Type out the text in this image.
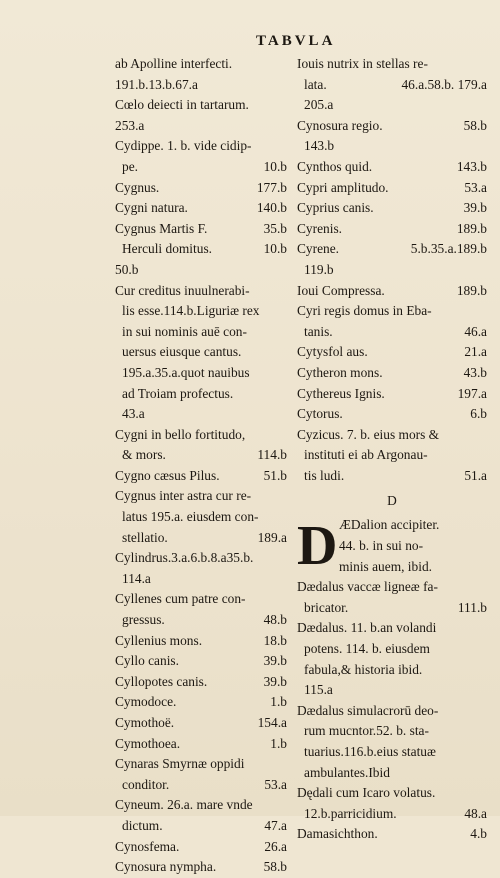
TABVLA
ab Apolline interfecti.
191.b.13.b.67.a
Cœlo deiecti in tartarum.
253.a
Cydippe. 1. b. vide cidip-
pe.	10.b
Cygnus.	177.b
Cygni natura.	140.b
Cygnus Martis F.	35.b
Herculi domitus.	10.b
50.b
Cur creditus inuulnerabi-
lis esse.114.b.Liguriæ rex
in sui nominis auē con-
uersus eiusque cantus.
195.a.35.a.quot nauibus
ad Troiam profectus.
43.a
Cygni in bello fortitudo,
& mors.	114.b
Cygno cæsus Pilus.	51.b
Cygnus inter astra cur re-
latus 195.a. eiusdem con-
stellatio.	189.a
Cylindrus.3.a.6.b.8.a35.b.
114.a
Cyllenes cum patre con-
gressus.	48.b
Cyllenius mons.	18.b
Cyllo canis.	39.b
Cyllopotes canis.	39.b
Cymodoce.	1.b
Cymothoë.	154.a
Cymothoea.	1.b
Cynaras Smyrnæ oppidi
conditor.	53.a
Cyneum. 26.a. mare vnde
dictum.	47.a
Cynosfema.	26.a
Cynosura nympha.	58.b
Iouis nutrix in stellas re-
lata.	46.a.58.b. 179.a
205.a
Cynosura regio.	58.b
143.b
Cynthos quid.	143.b
Cypri amplitudo.	53.a
Cyprius canis.	39.b
Cyrenis.	189.b
Cyrene.	5.b.35.a.189.b
119.b
Ioui Compressa.	189.b
Cyri regis domus in Eba-
tanis.	46.a
Cytysfol aus.	21.a
Cytheron mons.	43.b
Cythereus Ignis.	197.a
Cytorus.	6.b
Cyzicus. 7. b. eius mors &
instituti ei ab Argonau-
tis ludi.	51.a
D
D ÆDalion accipiter.
44. b. in sui no-
minis auem, ibid.
Dædalus vaccæ ligneæ fa-
bricator.	111.b
Dædalus. 11. b.an volandi
potens. 114. b. eiusdem
fabula,& historia ibid.
115.a
Dædalus simulacrorū deo-
rum mucntor.52. b. sta-
tuarius.116.b.eius statuæ
ambulantes.Ibid
Dędali cum Icaro volatus.
12.b.parricidium.	48.a
Damasichthon.	4.b
